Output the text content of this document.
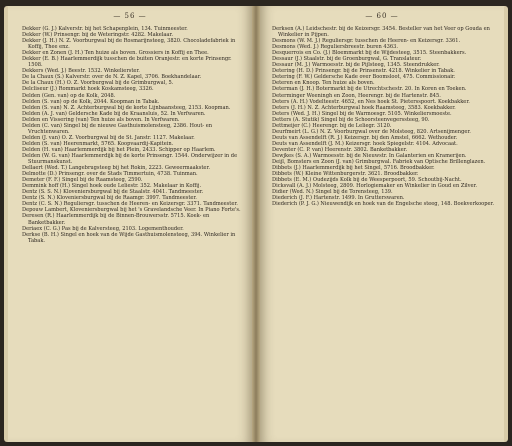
— 56 —

Dekker (G. J.) Kalverstr. bij het Schapenplein, 134. Tuinmeester.

Dekker (W.) Prinsengr. bij de Weteringstr. 4282. Makelaar.

Dekker (J. H.) N. Z. Voorburgwal bij de Rosmarijnsteeg, 3820. Chocoladefabriek in Koffij, Thee enz.

Dekker en Zonen (J. H.) Ten huize als boven. Grossiers in Koffij en Thee.

Dekker (E. B.) Haarlemmerdijk tusschen de buiten Oranjestr. en korte Prinsengr. 1508.

Dekkers (Wed. J.) Beestr. 1532. Winkelierster.

De la Chaux (S.) Kalverstr. over de N. Z. Kapel, 3706. Boekhandelaar.

De la Chaux (H.) O. Z. Voorburgwal bij de Grimburgwal, 5.

Delcliseur (J.) Rommarkt hoek Koskamsteeg, 3326.

Delden (Gen. van) op de Kolk, 2048.

Delden (S. van) op de Kolk, 2044. Koopman in Tabak.

Delden (S. van) N. Z. Achterburgwal bij de korte Lijnbaansteeg, 2153. Koopman.

Delden (A. J. van) Geldersche Kade bij de Kraansluis, 52. In Verfwaren.

Delden en Vissering (van) Ten huize als boven. In Verfwaren.

Delden (C. van) Singel bij de nieuwe Gasthuismolensteeg, 2386. Hout- en Vruchtenwaren.

Delden (J. van) O. Z. Voorburgwal bij de St. Janstr. 1127. Makelaar.

Delden (S. van) Heerenmarkt, 5765. Koopvaardij-Kapitein.

Delden (H. van) Haarlemmerdijk bij het Plein, 2433. Schipper op Haarlem.

Delden (W. G. van) Haarlemmerdijk bij de korte Prinsengr. 1544. Onderwijzer in de Stuurmanskunst.

Dellaert (Wed. T.) Langebrugsteeg bij het Rokin, 2223. Geweermaakster.

Delmotte (D.) Prinsengr. over de Stads Timmertuin, 4738. Tuinman.

Demeter (F. F.) Singel bij de Raamsteeg, 2590.

Demmink hoff (H.) Singel hoek oude Leliestr. 352. Makelaar in Koffij.

Dentz (S. S. N.) Kloveniersburgwal bij de Staalstr. 4041. Tandmeester.

Dentz (S. N.) Kloveniersburgwal bij de Raamgr. 3997. Tandmeester.

Dentz (C. S. N.) Reguliersgr. tusschen de Heeren- en Keizersgr. 3371. Tandmeester.

Depouw Lambert, Kloveniersburgwal bij het 's Gravelandsche Veer. In Piano Forte's.

Deresen (R.) Haarlemmerdijk bij de Binnen-Brouwersstr. 5715. Koek- en Banketbakker.

Deriaex (C. G.) Pas bij de Kalversteeg, 2103. Logementhouder.

Derkse (B. H.) Singel en hoek van de Wijde Gasthuismolensteeg, 394. Winkelier in Tabak.

— 60 —

Derksen (A.) Leidschestr. bij de Keizersgr. 3454. Besteller van het Veer op Gouda en Winkelier in Pijpen.

Desmons (W. M. J.) Reguliersgr. tusschen de Heeren- en Keizersgr. 3361.

Desmons (Wed. J.) Reguliersbreestr. buren 4363.

Desquerrois en Co. (J.) Bloemmarkt bij de Wijdesteeg, 3515. Steenbakkers.

Dessaur (J.) Staalstr. bij de Groenburgwal, G. Translateur.

Dessaur (M. J.) Warmoesstr. bij de Pijlsteeg, 1345. Steendrukker.

Detering (H. D.) Prinsengr. bij de Prinsenstr. 4218. Winkelier in Tabak.

Detering (F. W.) Geldersche Kade over Boomsloot, 475. Commissionair.

Deteren en Knoop. Ten huize als boven.

Determan (J. H.) Botermarkt bij de Utrechtschestr. 20. In Koren en Toeken.

Determinger Weeningh en Zoon, Heerengr. bij de Hartenstr. 845.

Deters (A. H.) Vodelteestr. 4652, en Nes hoek St. Pietersspoort. Koekbakker.

Deters (J. H.) N. Z. Achterburgwal hoek Raamsteeg, 3583. Koekbakker.

Deters (Wed. J. H.) Singel bij de Warmoesgr. 5105. Winkeliersmoeste.

Detters (A. Stutik) Singel bij de Schoorsteenvegerssteeg, 90.

Dettmeijer (C.) Heerengr. bij de Leliegr. 3120.

Deurfmeirt (L. G.) N. Z. Voorburgwal over de Molsteeg, 820. Artsenijmenger.

Deuts van Assendelft (R. J.) Keizersgr. bij den Amstel, 6662. Wethouder.

Deuts van Assendelft (J. M.) Keizersgr. hoek Spiegelstr. 4104. Advocaat.

Deventer (C. P. van) Heerenstr. 3802. Banketbakker.

Dewjkes (S. A.) Warmoesstr. bij de Nieuwstr. In Galanterien en Kramerijen.

Deijl, Bomsters en Zoon (J. van) Grimburgwal. Fabriek van Optische Brillenglazen.

Dibbets (J.) Haarlemmerdijk bij het Singel, 5716. Broodbakker.

Dibbets (W.) Kleine Wittenburgerstr. 3621. Broodbakker.

Dibbets (E. M.) Oudezijds Kolk bij de Weesperpoort, 59. Schoutbij-Nacht.

Dicksvall (A. J.) Molsteeg, 2809. Horlogiemaker en Winkelier in Goud en Zilver.

Didier (Wed. N.) Singel bij de Torensteeg, 139.

Diederich (J. F.) Hartenstr. 1499. In Grutterswaren.

Diederich (P. J. G.) Nieuwendijk en hoek van de Engelsche steeg, 148. Boekverkooper.
